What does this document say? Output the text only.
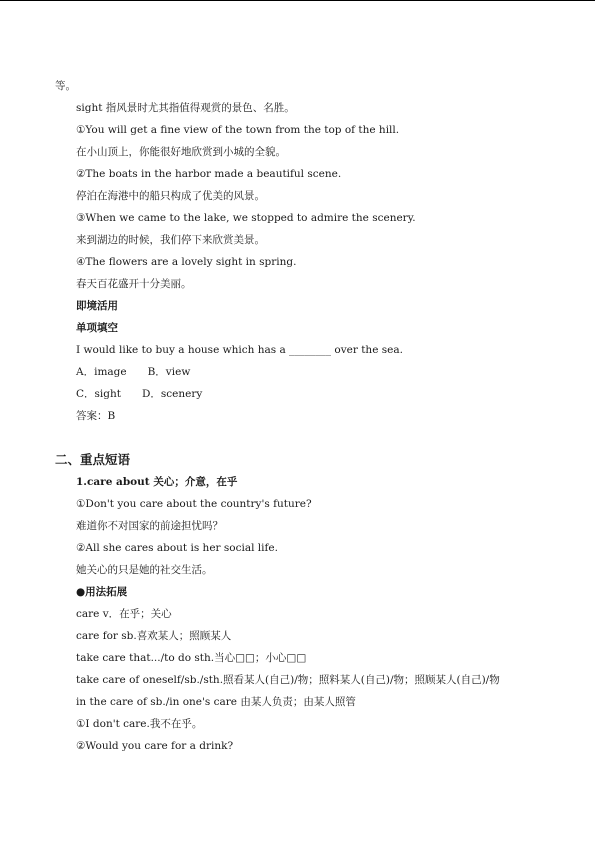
等。
sight 指风景时尤其指值得观赏的景色、名胜。
①You will get a fine view of the town from the top of the hill.
在小山顶上，你能很好地欣赏到小城的全貌。
②The boats in the harbor made a beautiful scene.
停泊在海港中的船只构成了优美的风景。
③When we came to the lake, we stopped to admire the scenery.
来到湖边的时候，我们停下来欣赏美景。
④The flowers are a lovely sight in spring.
春天百花盛开十分美丽。
即境活用
单项填空
I would like to buy a house which has a ________ over the sea.
A．image　　B．view
C．sight　　D．scenery
答案：B
二、重点短语
1.care about 关心；介意，在乎
①Don't you care about the country's future?
难道你不对国家的前途担忧吗？
②All she cares about is her social life.
她关心的只是她的社交生活。
●用法拓展
care v．在乎；关心
care for sb.喜欢某人；照顾某人
take care that.../to do sth.当心□□；小心□□
take care of oneself/sb./sth.照看某人(自己)/物；照料某人(自己)/物；照顾某人(自己)/物
in the care of sb./in one's care 由某人负责；由某人照管
①I don't care.我不在乎。
②Would you care for a drink?
